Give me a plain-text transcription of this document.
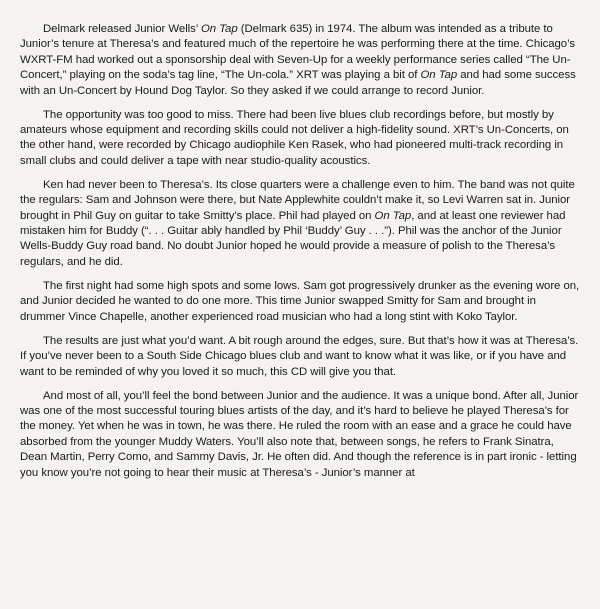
Delmark released Junior Wells’ On Tap (Delmark 635) in 1974. The album was intended as a tribute to Junior’s tenure at Theresa’s and featured much of the repertoire he was performing there at the time. Chicago’s WXRT-FM had worked out a sponsorship deal with Seven-Up for a weekly performance series called “The Un-Concert,” playing on the soda’s tag line, “The Un-cola.” XRT was playing a bit of On Tap and had some success with an Un-Concert by Hound Dog Taylor. So they asked if we could arrange to record Junior.

The opportunity was too good to miss. There had been live blues club recordings before, but mostly by amateurs whose equipment and recording skills could not deliver a high-fidelity sound. XRT’s Un-Concerts, on the other hand, were recorded by Chicago audiophile Ken Rasek, who had pioneered multi-track recording in small clubs and could deliver a tape with near studio-quality acoustics.

Ken had never been to Theresa’s. Its close quarters were a challenge even to him. The band was not quite the regulars: Sam and Johnson were there, but Nate Applewhite couldn’t make it, so Levi Warren sat in. Junior brought in Phil Guy on guitar to take Smitty’s place. Phil had played on On Tap, and at least one reviewer had mistaken him for Buddy (“. . . Guitar ably handled by Phil ‘Buddy’ Guy . . .”). Phil was the anchor of the Junior Wells-Buddy Guy road band. No doubt Junior hoped he would provide a measure of polish to the Theresa’s regulars, and he did.

The first night had some high spots and some lows. Sam got progressively drunker as the evening wore on, and Junior decided he wanted to do one more. This time Junior swapped Smitty for Sam and brought in drummer Vince Chapelle, another experienced road musician who had a long stint with Koko Taylor.

The results are just what you’d want. A bit rough around the edges, sure. But that’s how it was at Theresa’s. If you’ve never been to a South Side Chicago blues club and want to know what it was like, or if you have and want to be reminded of why you loved it so much, this CD will give you that.

And most of all, you’ll feel the bond between Junior and the audience. It was a unique bond. After all, Junior was one of the most successful touring blues artists of the day, and it’s hard to believe he played Theresa’s for the money. Yet when he was in town, he was there. He ruled the room with an ease and a grace he could have absorbed from the younger Muddy Waters. You’ll also note that, between songs, he refers to Frank Sinatra, Dean Martin, Perry Como, and Sammy Davis, Jr. He often did. And though the reference is in part ironic - letting you know you’re not going to hear their music at Theresa’s - Junior’s manner at
